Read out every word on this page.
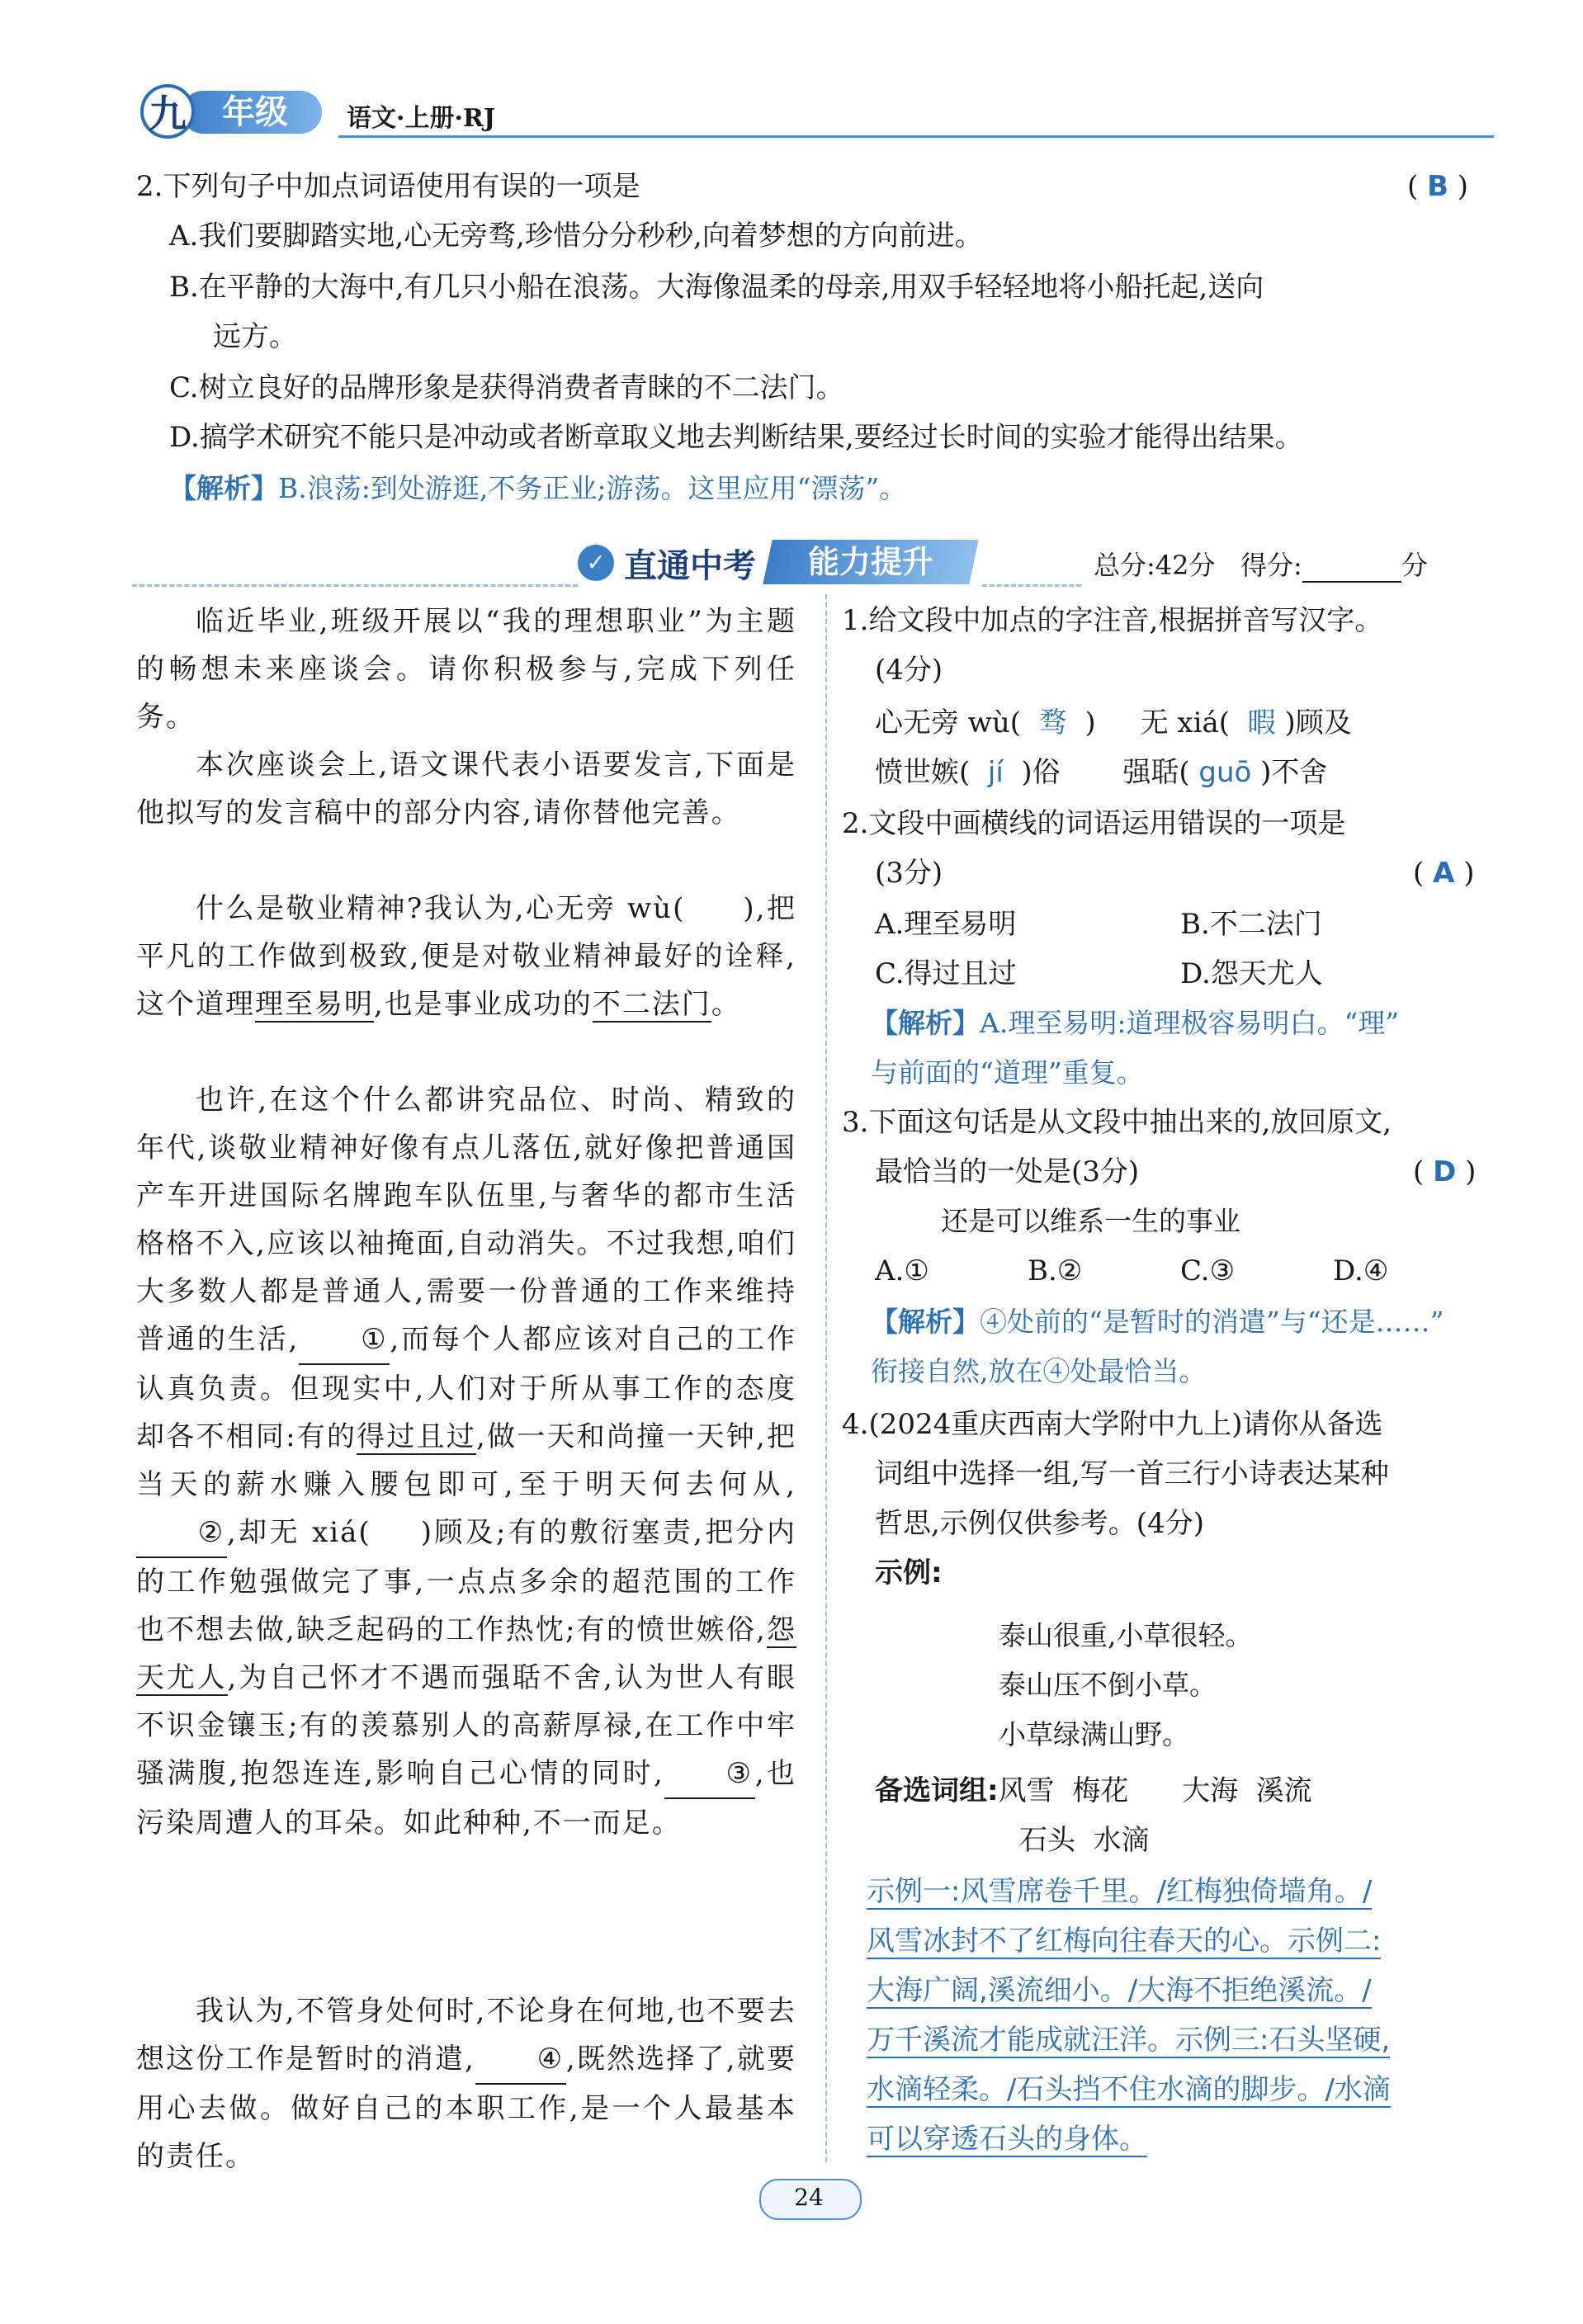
年级
九	语文·上册·RJ
2.下列句子中加点词语使用有误的一项是	( B )
A.我们要脚踏实地,心无旁骛,珍惜分分秒秒,向着梦想的方向前进。
B.在平静的大海中,有几只小船在浪荡。大海像温柔的母亲,用双手轻轻地将小船托起,送向
远方。
C.树立良好的品牌形象是获得消费者青睐的不二法门。
D.搞学术研究不能只是冲动或者断章取义地去判断结果,要经过长时间的实验才能得出结果。
【解析】B.浪荡:到处游逛,不务正业;游荡。这里应用“漂荡”。
✓ 直通中考	能力提升	总分:42分 得分:	分
临近毕业,班级开展以“我的理想职业”为主题的畅想未来座谈会。请你积极参与,完成下列任务。
本次座谈会上,语文课代表小语要发言,下面是他拟写的发言稿中的部分内容,请你替他完善。
什么是敬业精神?我认为,心无旁 wù( ),把平凡的工作做到极致,便是对敬业精神最好的诠释,这个道理理至易明,也是事业成功的不二法门。
也许,在这个什么都讲究品位、时尚、精致的年代,谈敬业精神好像有点儿落伍,就好像把普通国产车开进国际名牌跑车队伍里,与奢华的都市生活格格不入,应该以袖掩面,自动消失。不过我想,咱们大多数人都是普通人,需要一份普通的工作来维持普通的生活, ①,而每个人都应该对自己的工作认真负责。但现实中,人们对于所从事工作的态度却各不相同:有的得过且过,做一天和尚撞一天钟,把当天的薪水赚入腰包即可,至于明天何去何从,②,却无 xiá( )顾及;有的敷衍塞责,把分内的工作勉强做完了事,一点点多余的超范围的工作也不想去做,缺乏起码的工作热忱;有的愤世嫉俗,怨天尤人,为自己怀才不遇而强聒不舍,认为世人有眼不识金镶玉;有的羡慕别人的高薪厚禄,在工作中牢骚满腹,抱怨连连,影响自己心情的同时, ③,也污染周遭人的耳朵。如此种种,不一而足。
我认为,不管身处何时,不论身在何地,也不要去想这份工作是暂时的消遣, ④,既然选择了,就要用心去做。做好自己的本职工作,是一个人最基本的责任。
1.给文段中加点的字注音,根据拼音写汉字。
(4分)
心无旁 wù( 骛  )     无 xiá( 暇 )顾及
愤世嫉( jí )俗 强聒( guō )不舍
2.文段中画横线的词语运用错误的一项是
(3分)	( A )
A.理至易明	B.不二法门
C.得过且过	D.怨天尤人
【解析】A.理至易明:道理极容易明白。“理”
与前面的“道理”重复。
3.下面这句话是从文段中抽出来的,放回原文,
最恰当的一处是(3分)	( D )
还是可以维系一生的事业
A.①	B.②	C.③	D.④
【解析】④处前的“是暂时的消遣”与“还是……”
衔接自然,放在④处最恰当。
4.(2024重庆西南大学附中九上)请你从备选
词组中选择一组,写一首三行小诗表达某种
哲思,示例仅供参考。(4分)
示例:
泰山很重,小草很轻。
泰山压不倒小草。
小草绿满山野。
备选词组:风雪  梅花      大海  溪流
石头  水滴
示例一:风雪席卷千里。/红梅独倚墙角。/
风雪冰封不了红梅向往春天的心。示例二:
大海广阔,溪流细小。/大海不拒绝溪流。/
万千溪流才能成就汪洋。示例三:石头坚硬,
水滴轻柔。/石头挡不住水滴的脚步。/水滴
可以穿透石头的身体。
24
